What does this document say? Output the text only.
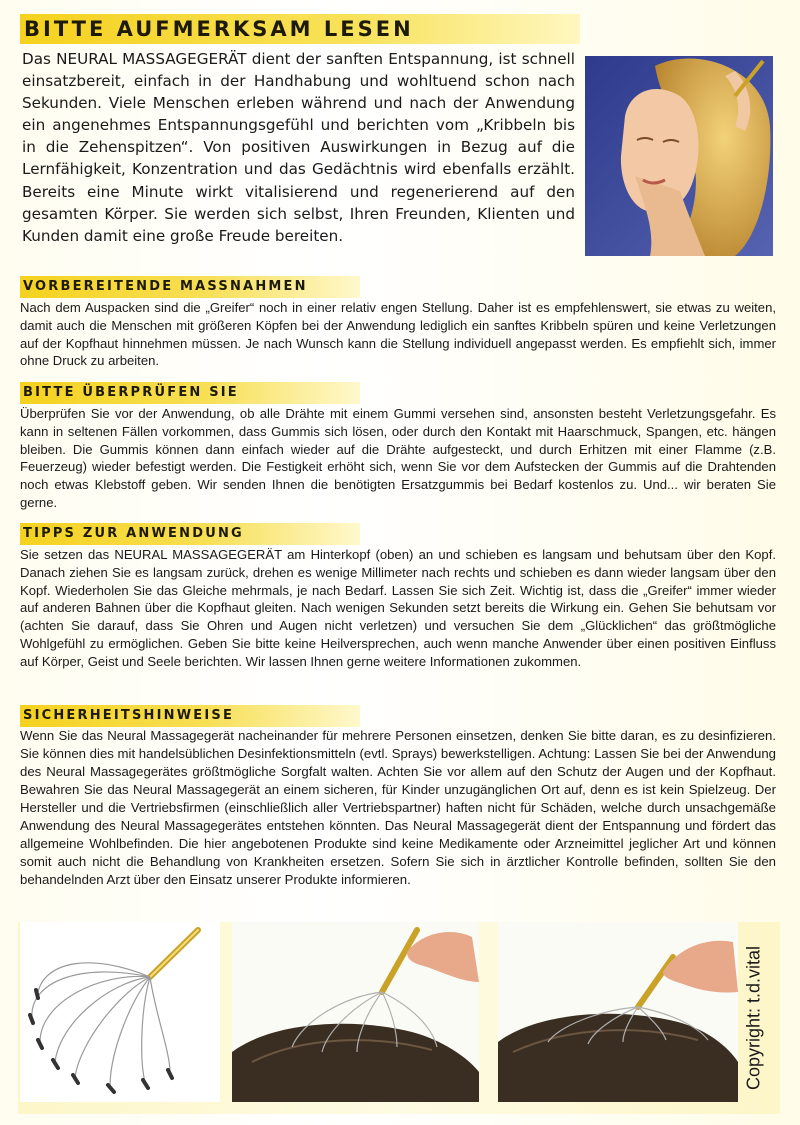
BITTE AUFMERKSAM LESEN
Das NEURAL MASSAGEGERÄT dient der sanften Entspannung, ist schnell einsatzbereit, einfach in der Handhabung und wohltuend schon nach Sekunden. Viele Menschen erleben während und nach der Anwendung ein angenehmes Entspannungsgefühl und berichten vom „Kribbeln bis in die Zehenspitzen“. Von positiven Auswirkungen in Bezug auf die Lernfähigkeit, Konzentration und das Gedächtnis wird ebenfalls erzählt. Bereits eine Minute wirkt vitalisierend und regenerierend auf den gesamten Körper. Sie werden sich selbst, Ihren Freunden, Klienten und Kunden damit eine große Freude bereiten.
VORBEREITENDE MASSNAHMEN
Nach dem Auspacken sind die „Greifer“ noch in einer relativ engen Stellung. Daher ist es empfehlenswert, sie etwas zu weiten, damit auch die Menschen mit größeren Köpfen bei der Anwendung lediglich ein sanftes Kribbeln spüren und keine Verletzungen auf der Kopfhaut hinnehmen müssen. Je nach Wunsch kann die Stellung individuell angepasst werden. Es empfiehlt sich, immer ohne Druck zu arbeiten.
BITTE ÜBERPRÜFEN SIE
Überprüfen Sie vor der Anwendung, ob alle Drähte mit einem Gummi versehen sind, ansonsten besteht Verletzungsgefahr. Es kann in seltenen Fällen vorkommen, dass Gummis sich lösen, oder durch den Kontakt mit Haarschmuck, Spangen, etc. hängen bleiben. Die Gummis können dann einfach wieder auf die Drähte aufgesteckt, und durch Erhitzen mit einer Flamme (z.B. Feuerzeug) wieder befestigt werden. Die Festigkeit erhöht sich, wenn Sie vor dem Aufstecken der Gummis auf die Drahtenden noch etwas Klebstoff geben. Wir senden Ihnen die benötigten Ersatzgummis bei Bedarf kostenlos zu. Und... wir beraten Sie gerne.
TIPPS ZUR ANWENDUNG
Sie setzen das NEURAL MASSAGEGERÄT am Hinterkopf (oben) an und schieben es langsam und behutsam über den Kopf. Danach ziehen Sie es langsam zurück, drehen es wenige Millimeter nach rechts und schieben es dann wieder langsam über den Kopf. Wiederholen Sie das Gleiche mehrmals, je nach Bedarf. Lassen Sie sich Zeit. Wichtig ist, dass die „Greifer“ immer wieder auf anderen Bahnen über die Kopfhaut gleiten. Nach wenigen Sekunden setzt bereits die Wirkung ein. Gehen Sie behutsam vor (achten Sie darauf, dass Sie Ohren und Augen nicht verletzen) und versuchen Sie dem „Glücklichen“ das größtmögliche Wohlgefühl zu ermöglichen. Geben Sie bitte keine Heilversprechen, auch wenn manche Anwender über einen positiven Einfluss auf Körper, Geist und Seele berichten. Wir lassen Ihnen gerne weitere Informationen zukommen.
SICHERHEITSHINWEISE
Wenn Sie das Neural Massagegerät nacheinander für mehrere Personen einsetzen, denken Sie bitte daran, es zu desinfizieren. Sie können dies mit handelsüblichen Desinfektionsmitteln (evtl. Sprays) bewerkstelligen. Achtung: Lassen Sie bei der Anwendung des Neural Massagegerätes größtmögliche Sorgfalt walten. Achten Sie vor allem auf den Schutz der Augen und der Kopfhaut. Bewahren Sie das Neural Massagegerät an einem sicheren, für Kinder unzugänglichen Ort auf, denn es ist kein Spielzeug. Der Hersteller und die Vertriebsfirmen (einschließlich aller Vertriebspartner) haften nicht für Schäden, welche durch unsachgemäße Anwendung des Neural Massagegerätes entstehen könnten. Das Neural Massagegerät dient der Entspannung und fördert das allgemeine Wohlbefinden. Die hier angebotenen Produkte sind keine Medikamente oder Arzneimittel jeglicher Art und können somit auch nicht die Behandlung von Krankheiten ersetzen. Sofern Sie sich in ärztlicher Kontrolle befinden, sollten Sie den behandelnden Arzt über den Einsatz unserer Produkte informieren.
Copyright: t.d.vital
